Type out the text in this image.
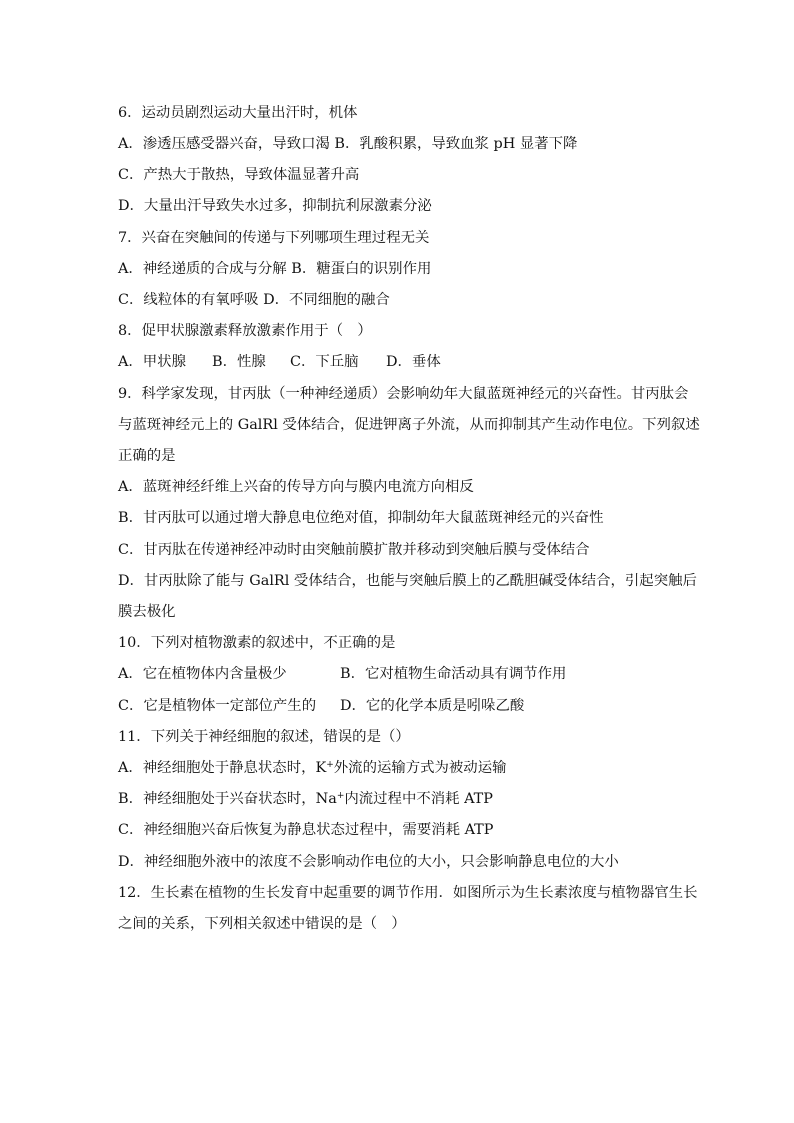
6．运动员剧烈运动大量出汗时，机体
A．渗透压感受器兴奋，导致口渴 B．乳酸积累，导致血浆 pH 显著下降
C．产热大于散热，导致体温显著升高
D．大量出汗导致失水过多，抑制抗利尿激素分泌
7．兴奋在突触间的传递与下列哪项生理过程无关
A．神经递质的合成与分解 B．糖蛋白的识别作用
C．线粒体的有氧呼吸 D．不同细胞的融合
8．促甲状腺激素释放激素作用于（　）
A．甲状腺 B．性腺 C．下丘脑 D．垂体
9．科学家发现，甘丙肽（一种神经递质）会影响幼年大鼠蓝斑神经元的兴奋性。甘丙肽会
与蓝斑神经元上的 GalRl 受体结合，促进钾离子外流，从而抑制其产生动作电位。下列叙述
正确的是
A．蓝斑神经纤维上兴奋的传导方向与膜内电流方向相反
B．甘丙肽可以通过增大静息电位绝对值，抑制幼年大鼠蓝斑神经元的兴奋性
C．甘丙肽在传递神经冲动时由突触前膜扩散并移动到突触后膜与受体结合
D．甘丙肽除了能与 GalRl 受体结合，也能与突触后膜上的乙酰胆碱受体结合，引起突触后
膜去极化
10．下列对植物激素的叙述中，不正确的是
A．它在植物体内含量极少	B．它对植物生命活动具有调节作用
C．它是植物体一定部位产生的 D．它的化学本质是吲哚乙酸
11．下列关于神经细胞的叙述，错误的是（）
A．神经细胞处于静息状态时，K+外流的运输方式为被动运输
B．神经细胞处于兴奋状态时，Na+内流过程中不消耗 ATP
C．神经细胞兴奋后恢复为静息状态过程中，需要消耗 ATP
D．神经细胞外液中的浓度不会影响动作电位的大小，只会影响静息电位的大小
12．生长素在植物的生长发育中起重要的调节作用．如图所示为生长素浓度与植物器官生长
之间的关系，下列相关叙述中错误的是（　）
